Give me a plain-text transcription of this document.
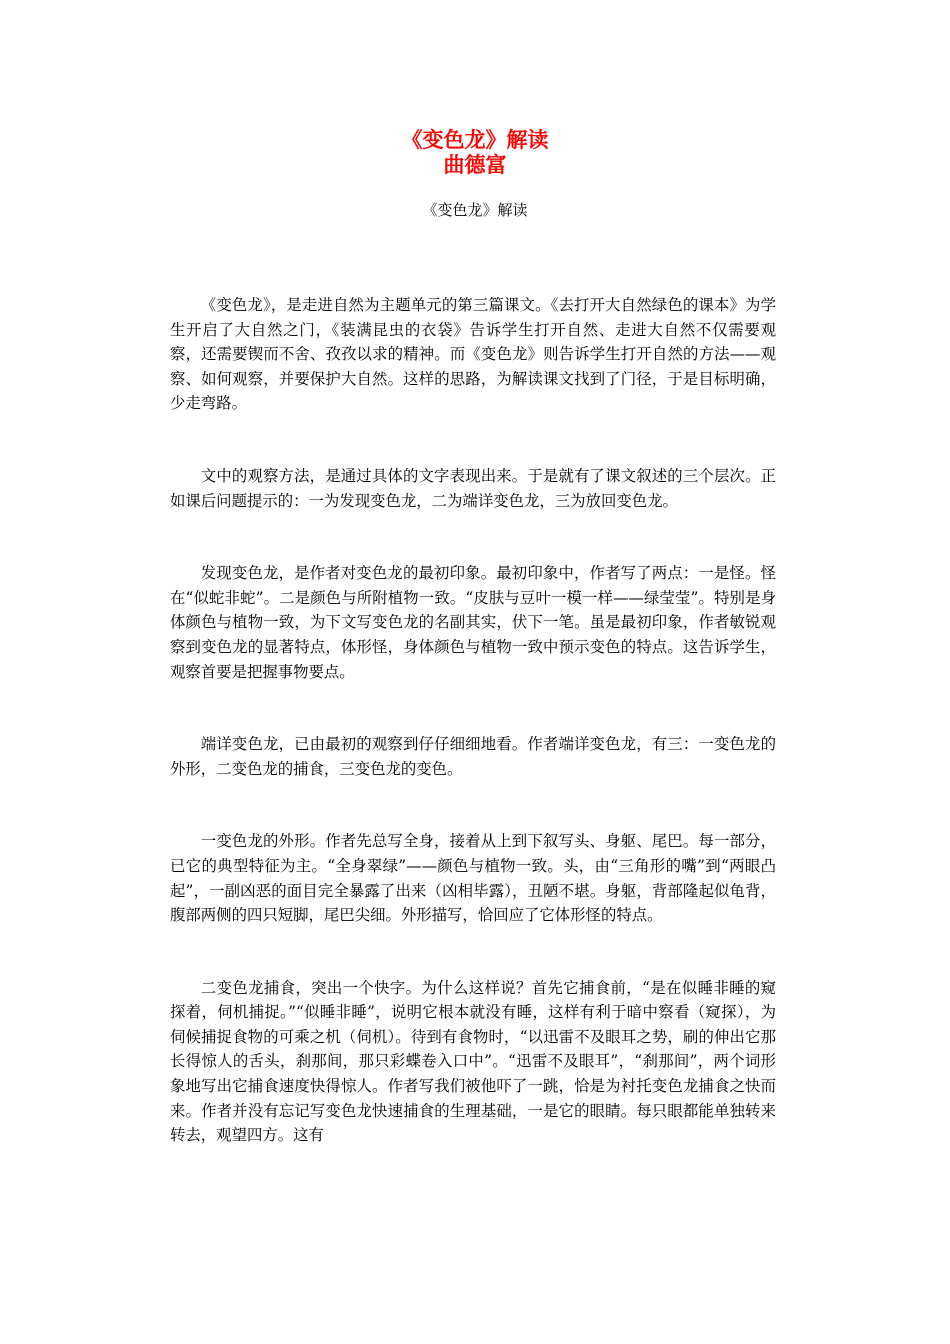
《变色龙》解读

曲德富

《变色龙》解读

《变色龙》，是走进自然为主题单元的第三篇课文。《去打开大自然绿色的课本》为学生开启了大自然之门，《装满昆虫的衣袋》告诉学生打开自然、走进大自然不仅需要观察，还需要锲而不舍、孜孜以求的精神。而《变色龙》则告诉学生打开自然的方法——观察、如何观察，并要保护大自然。这样的思路，为解读课文找到了门径，于是目标明确，少走弯路。

文中的观察方法，是通过具体的文字表现出来。于是就有了课文叙述的三个层次。正如课后问题提示的：一为发现变色龙，二为端详变色龙，三为放回变色龙。

发现变色龙，是作者对变色龙的最初印象。最初印象中，作者写了两点：一是怪。怪在“似蛇非蛇”。二是颜色与所附植物一致。“皮肤与豆叶一模一样——绿莹莹”。特别是身体颜色与植物一致，为下文写变色龙的名副其实，伏下一笔。虽是最初印象，作者敏锐观察到变色龙的显著特点，体形怪，身体颜色与植物一致中预示变色的特点。这告诉学生，观察首要是把握事物要点。

端详变色龙，已由最初的观察到仔仔细细地看。作者端详变色龙，有三：一变色龙的外形，二变色龙的捕食，三变色龙的变色。

一变色龙的外形。作者先总写全身，接着从上到下叙写头、身躯、尾巴。每一部分，已它的典型特征为主。“全身翠绿”——颜色与植物一致。头，由“三角形的嘴”到“两眼凸起”，一副凶恶的面目完全暴露了出来（凶相毕露），丑陋不堪。身躯，背部隆起似龟背，腹部两侧的四只短脚，尾巴尖细。外形描写，恰回应了它体形怪的特点。

二变色龙捕食，突出一个快字。为什么这样说？首先它捕食前，“是在似睡非睡的窥探着，伺机捕捉。”“似睡非睡”，说明它根本就没有睡，这样有利于暗中察看（窥探），为伺候捕捉食物的可乘之机（伺机）。待到有食物时，“以迅雷不及眼耳之势，刷的伸出它那长得惊人的舌头，刹那间，那只彩蝶卷入口中”。“迅雷不及眼耳”，“刹那间”，两个词形象地写出它捕食速度快得惊人。作者写我们被他吓了一跳，恰是为衬托变色龙捕食之快而来。作者并没有忘记写变色龙快速捕食的生理基础，一是它的眼睛。每只眼都能单独转来转去，观望四方。这有
